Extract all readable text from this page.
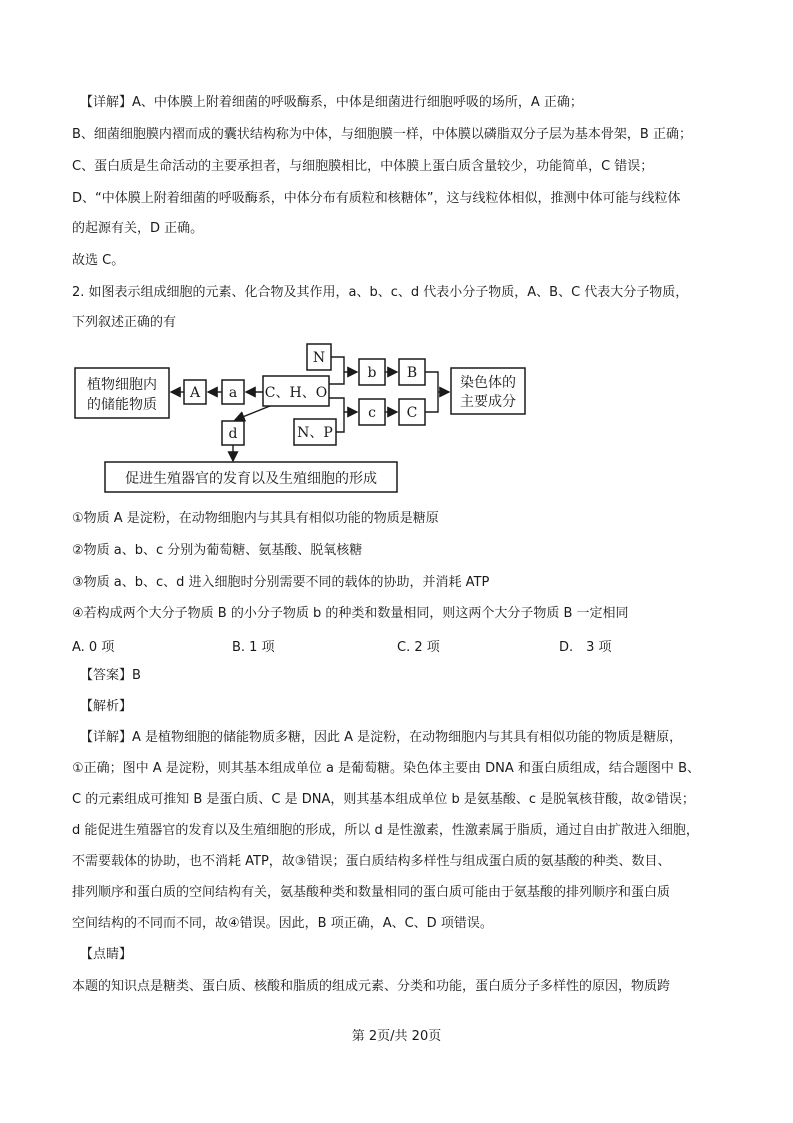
【详解】A、中体膜上附着细菌的呼吸酶系，中体是细菌进行细胞呼吸的场所，A 正确；
B、细菌细胞膜内褶而成的囊状结构称为中体，与细胞膜一样，中体膜以磷脂双分子层为基本骨架，B 正确；
C、蛋白质是生命活动的主要承担者，与细胞膜相比，中体膜上蛋白质含量较少，功能简单，C 错误；
D、“中体膜上附着细菌的呼吸酶系，中体分布有质粒和核糖体”，这与线粒体相似，推测中体可能与线粒体
的起源有关，D 正确。
故选 C。
2. 如图表示组成细胞的元素、化合物及其作用，a、b、c、d 代表小分子物质，A、B、C 代表大分子物质，
下列叙述正确的有
植物细胞内
的储能物质
A a C、H、O
N
b B
N、P
c C
染色体的
主要成分
d
促进生殖器官的发育以及生殖细胞的形成
①物质 A 是淀粉，在动物细胞内与其具有相似功能的物质是糖原
②物质 a、b、c 分别为葡萄糖、氨基酸、脱氧核糖
③物质 a、b、c、d 进入细胞时分别需要不同的载体的协助，并消耗 ATP
④若构成两个大分子物质 B 的小分子物质 b 的种类和数量相同，则这两个大分子物质 B 一定相同
A. 0 项	B. 1 项	C. 2 项	D.　3 项
【答案】B
【解析】
【详解】A 是植物细胞的储能物质多糖，因此 A 是淀粉，在动物细胞内与其具有相似功能的物质是糖原，
①正确；图中 A 是淀粉，则其基本组成单位 a 是葡萄糖。染色体主要由 DNA 和蛋白质组成，结合题图中 B、
C 的元素组成可推知 B 是蛋白质、C 是 DNA，则其基本组成单位 b 是氨基酸、c 是脱氧核苷酸，故②错误；
d 能促进生殖器官的发育以及生殖细胞的形成，所以 d 是性激素，性激素属于脂质，通过自由扩散进入细胞，
不需要载体的协助，也不消耗 ATP，故③错误；蛋白质结构多样性与组成蛋白质的氨基酸的种类、数目、
排列顺序和蛋白质的空间结构有关，氨基酸种类和数量相同的蛋白质可能由于氨基酸的排列顺序和蛋白质
空间结构的不同而不同，故④错误。因此，B 项正确，A、C、D 项错误。
【点睛】
本题的知识点是糖类、蛋白质、核酸和脂质的组成元素、分类和功能，蛋白质分子多样性的原因，物质跨
第 2页/共 20页
